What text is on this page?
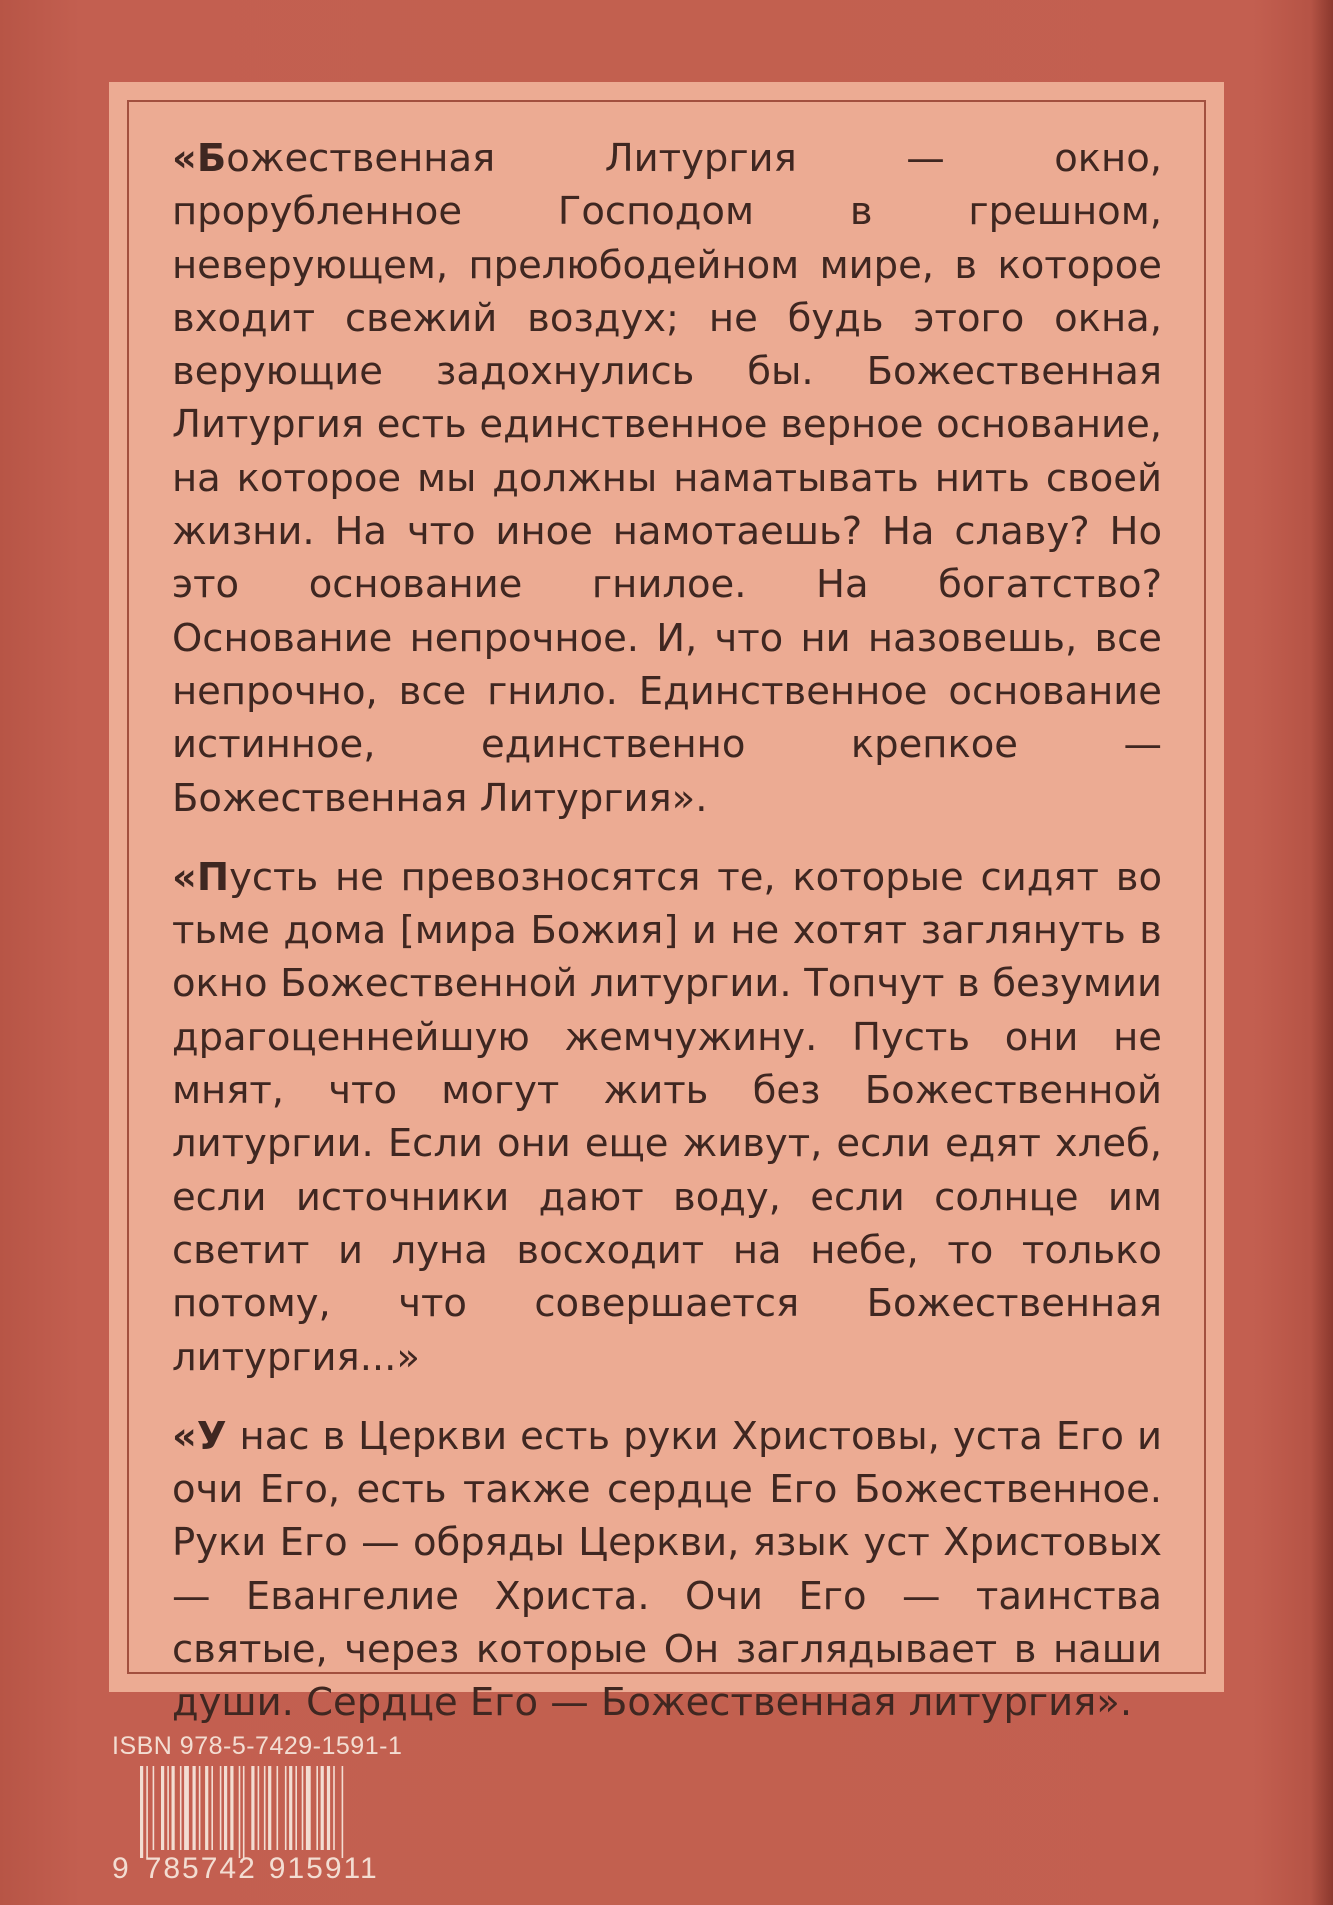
«Божественная Литургия — окно, прорубленное Господом в грешном, неверующем, прелюбодейном мире, в которое входит свежий воздух; не будь этого окна, верующие задохнулись бы. Божественная Литургия есть единственное верное основание, на которое мы должны наматывать нить своей жизни. На что иное намотаешь? На славу? Но это основание гнилое. На богатство? Основание непрочное. И, что ни назовешь, все непрочно, все гнило. Единственное основание истинное, единственно крепкое — Божественная Литургия».

«Пусть не превозносятся те, которые сидят во тьме дома [мира Божия] и не хотят заглянуть в окно Божественной литургии. Топчут в безумии драгоценнейшую жемчужину. Пусть они не мнят, что могут жить без Божественной литургии. Если они еще живут, если едят хлеб, если источники дают воду, если солнце им светит и луна восходит на небе, то только потому, что совершается Божественная литургия...»

«У нас в Церкви есть руки Христовы, уста Его и очи Его, есть также сердце Его Божественное. Руки Его — обряды Церкви, язык уст Христовых — Евангелие Христа. Очи Его — таинства святые, через которые Он заглядывает в наши души. Сердце Его — Божественная литургия».

ISBN 978-5-7429-1591-1
9 785742 915911
